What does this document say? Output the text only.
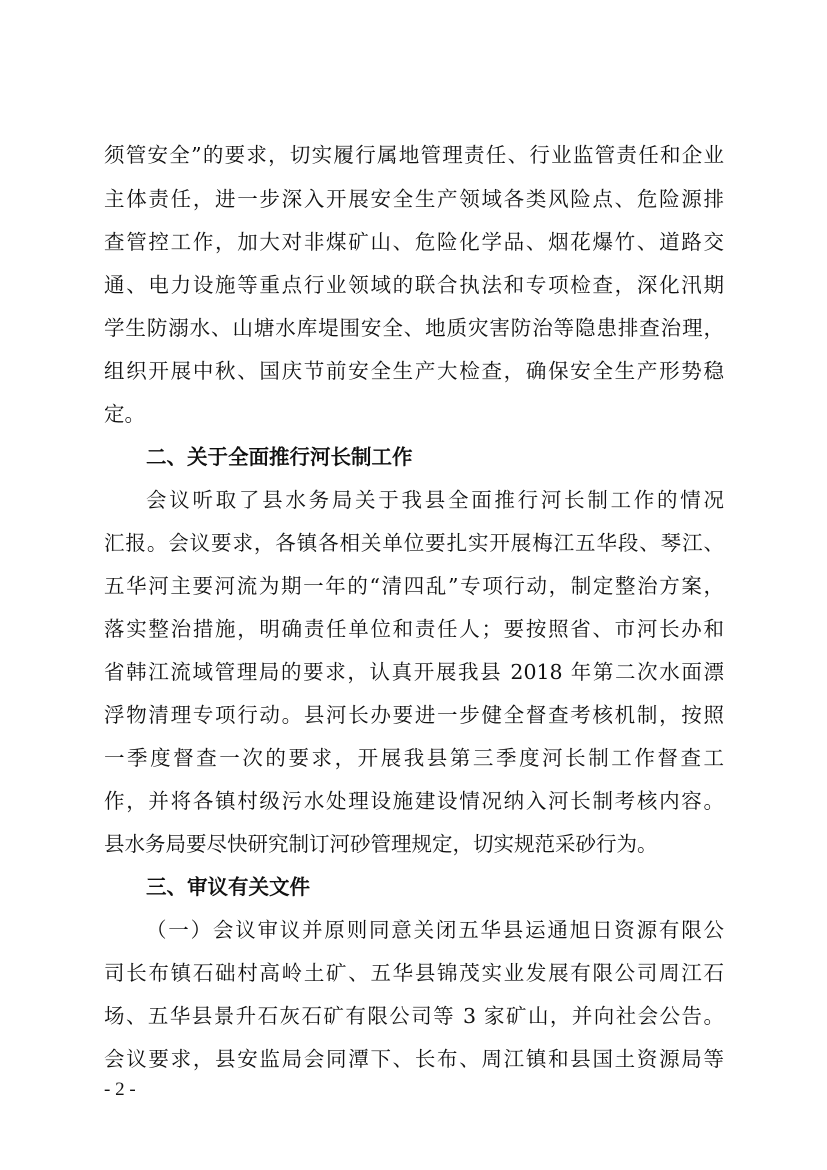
须管安全”的要求，切实履行属地管理责任、行业监管责任和企业
主体责任，进一步深入开展安全生产领域各类风险点、危险源排
查管控工作，加大对非煤矿山、危险化学品、烟花爆竹、道路交
通、电力设施等重点行业领域的联合执法和专项检查，深化汛期
学生防溺水、山塘水库堤围安全、地质灾害防治等隐患排查治理，
组织开展中秋、国庆节前安全生产大检查，确保安全生产形势稳
定。
二、关于全面推行河长制工作
会议听取了县水务局关于我县全面推行河长制工作的情况
汇报。会议要求，各镇各相关单位要扎实开展梅江五华段、琴江、
五华河主要河流为期一年的“清四乱”专项行动，制定整治方案，
落实整治措施，明确责任单位和责任人；要按照省、市河长办和
省韩江流域管理局的要求，认真开展我县 2018 年第二次水面漂
浮物清理专项行动。县河长办要进一步健全督查考核机制，按照
一季度督查一次的要求，开展我县第三季度河长制工作督查工
作，并将各镇村级污水处理设施建设情况纳入河长制考核内容。
县水务局要尽快研究制订河砂管理规定，切实规范采砂行为。
三、审议有关文件
（一）会议审议并原则同意关闭五华县运通旭日资源有限公
司长布镇石础村高岭土矿、五华县锦茂实业发展有限公司周江石
场、五华县景升石灰石矿有限公司等 3 家矿山，并向社会公告。
会议要求，县安监局会同潭下、长布、周江镇和县国土资源局等
- 2 -
